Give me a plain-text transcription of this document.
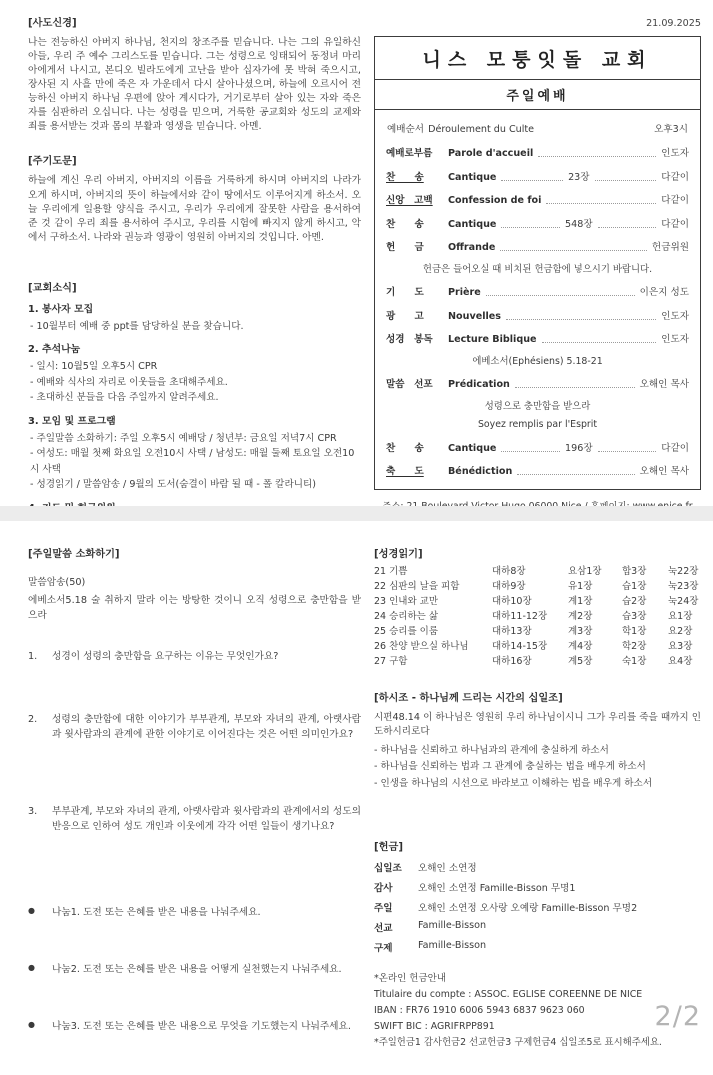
[사도신경]

나는 전능하신 아버지 하나님, 천지의 창조주를 믿습니다. 나는 그의 유일하신 아들, 우리 주 예수 그리스도를 믿습니다. 그는 성령으로 잉태되어 동정녀 마리아에게서 나시고, 본디오 빌라도에게 고난을 받아 십자가에 못 박혀 죽으시고, 장사된 지 사흘 만에 죽은 자 가운데서 다시 살아나셨으며, 하늘에 오르시어 전능하신 아버지 하나님 우편에 앉아 계시다가, 거기로부터 살아 있는 자와 죽은 자를 심판하러 오십니다. 나는 성령을 믿으며, 거룩한 공교회와 성도의 교제와 죄를 용서받는 것과 몸의 부활과 영생을 믿습니다. 아멘.

[주기도문]

하늘에 계신 우리 아버지, 아버지의 이름을 거룩하게 하시며 아버지의 나라가 오게 하시며, 아버지의 뜻이 하늘에서와 같이 땅에서도 이루어지게 하소서. 오늘 우리에게 일용할 양식을 주시고, 우리가 우리에게 잘못한 사람을 용서하여 준 것 같이 우리 죄를 용서하여 주시고, 우리를 시험에 빠지지 않게 하시고, 악에서 구하소서. 나라와 권능과 영광이 영원히 아버지의 것입니다. 아멘.

[교회소식]
1. 봉사자 모집
- 10월부터 예배 중 ppt를 담당하실 분을 찾습니다.
2. 추석나눔
- 일시: 10월5일 오후5시 CPR
- 예배와 식사의 자리로 이웃들을 초대해주세요.
- 초대하신 분들을 다음 주일까지 알려주세요.
3. 모임 및 프로그램
- 주일말씀 소화하기: 주일 오후5시 예배당 / 청년부: 금요일 저녁7시 CPR
- 여성도: 매월 첫째 화요일 오전10시 사택 / 남성도: 매월 둘째 토요일 오전10시 사택
- 성경읽기 / 말씀암송 / 9월의 도서(숨결이 바람 될 때 - 폴 칼라니티)
21.09.2025
니스 모퉁잇돌 교회
주일예배
예배순서 Déroulement du Culte	오후3시
예배로부름	Parole d'accueil	인도자
찬　　송	Cantique	23장	다같이
신앙　고백	Confession de foi	다같이
찬　　송	Cantique	548장	다같이
헌　　금	Offrande	헌금위원
헌금은 들어오실 때 비치된 헌금함에 넣으시기 바랍니다.
기　　도	Prière	이은지 성도
광　　고	Nouvelles	인도자
성경　봉독	Lecture Biblique	인도자
에베소서(Ephésiens) 5.18-21
말씀　선포	Prédication	오해인 목사
성령으로 충만함을 받으라
Soyez remplis par l'Esprit
찬　　송	Cantique	196장	다같이
축　　도	Bénédiction	오해인 목사
[주일말씀 소화하기]
말씀암송(50)
에베소서5.18 술 취하지 말라 이는 방탕한 것이니 오직 성령으로 충만함을 받으라
1.	성경이 성령의 충만함을 요구하는 이유는 무엇인가요?
2.	성령의 충만함에 대한 이야기가 부부관계, 부모와 자녀의 관계, 아랫사람과 윗사람과의 관계에 관한 이야기로 이어진다는 것은 어떤 의미인가요?
3.	부부관계, 부모와 자녀의 관계, 아랫사람과 윗사람과의 관계에서의 성도의 반응으로 인하여 성도 개인과 이웃에게 각각 어떤 일들이 생기나요?
●	나눔1. 도전 또는 은혜를 받은 내용을 나눠주세요.
●	나눔2. 도전 또는 은혜를 받은 내용을 어떻게 실천했는지 나눠주세요.
●	나눔3. 도전 또는 은혜를 받은 내용으로 무엇을 기도했는지 나눠주세요.
[성경읽기]
21 기쁨	대하8장	요삼1장	합3장	눅22장
22 심판의 날을 피함	대하9장	유1장	습1장	눅23장
23 인내와 교만	대하10장	계1장	습2장	눅24장
24 승리하는 삶	대하11-12장	계2장	습3장	요1장
25 승리를 이룸	대하13장	계3장	학1장	요2장
26 찬양 받으실 하나님	대하14-15장	계4장	학2장	요3장
27 구함	대하16장	계5장	숙1장	요4장
[하시조 - 하나님께 드리는 시간의 십일조]
시편48.14 이 하나님은 영원히 우리 하나님이시니 그가 우리를 죽을 때까지 인도하시리로다
- 하나님을 신뢰하고 하나님과의 관계에 충실하게 하소서
- 하나님을 신뢰하는 법과 그 관계에 충실하는 법을 배우게 하소서
- 인생을 하나님의 시선으로 바라보고 이해하는 법을 배우게 하소서
[헌금]
십일조	오해인 소연정
감사	오해인 소연정 Famille-Bisson 무명1
주일	오해인 소연정 오사랑 오예랑 Famille-Bisson 무명2
선교	Famille-Bisson
구제	Famille-Bisson
*온라인 헌금안내
Titulaire du compte : ASSOC. EGLISE COREENNE DE NICE
IBAN : FR76 1910 6006 5943 6837 9623 060
SWIFT BIC : AGRIFRPP891
*주일헌금1 감사헌금2 선교헌금3 구제헌금4 십일조5로 표시해주세요.
2/2
